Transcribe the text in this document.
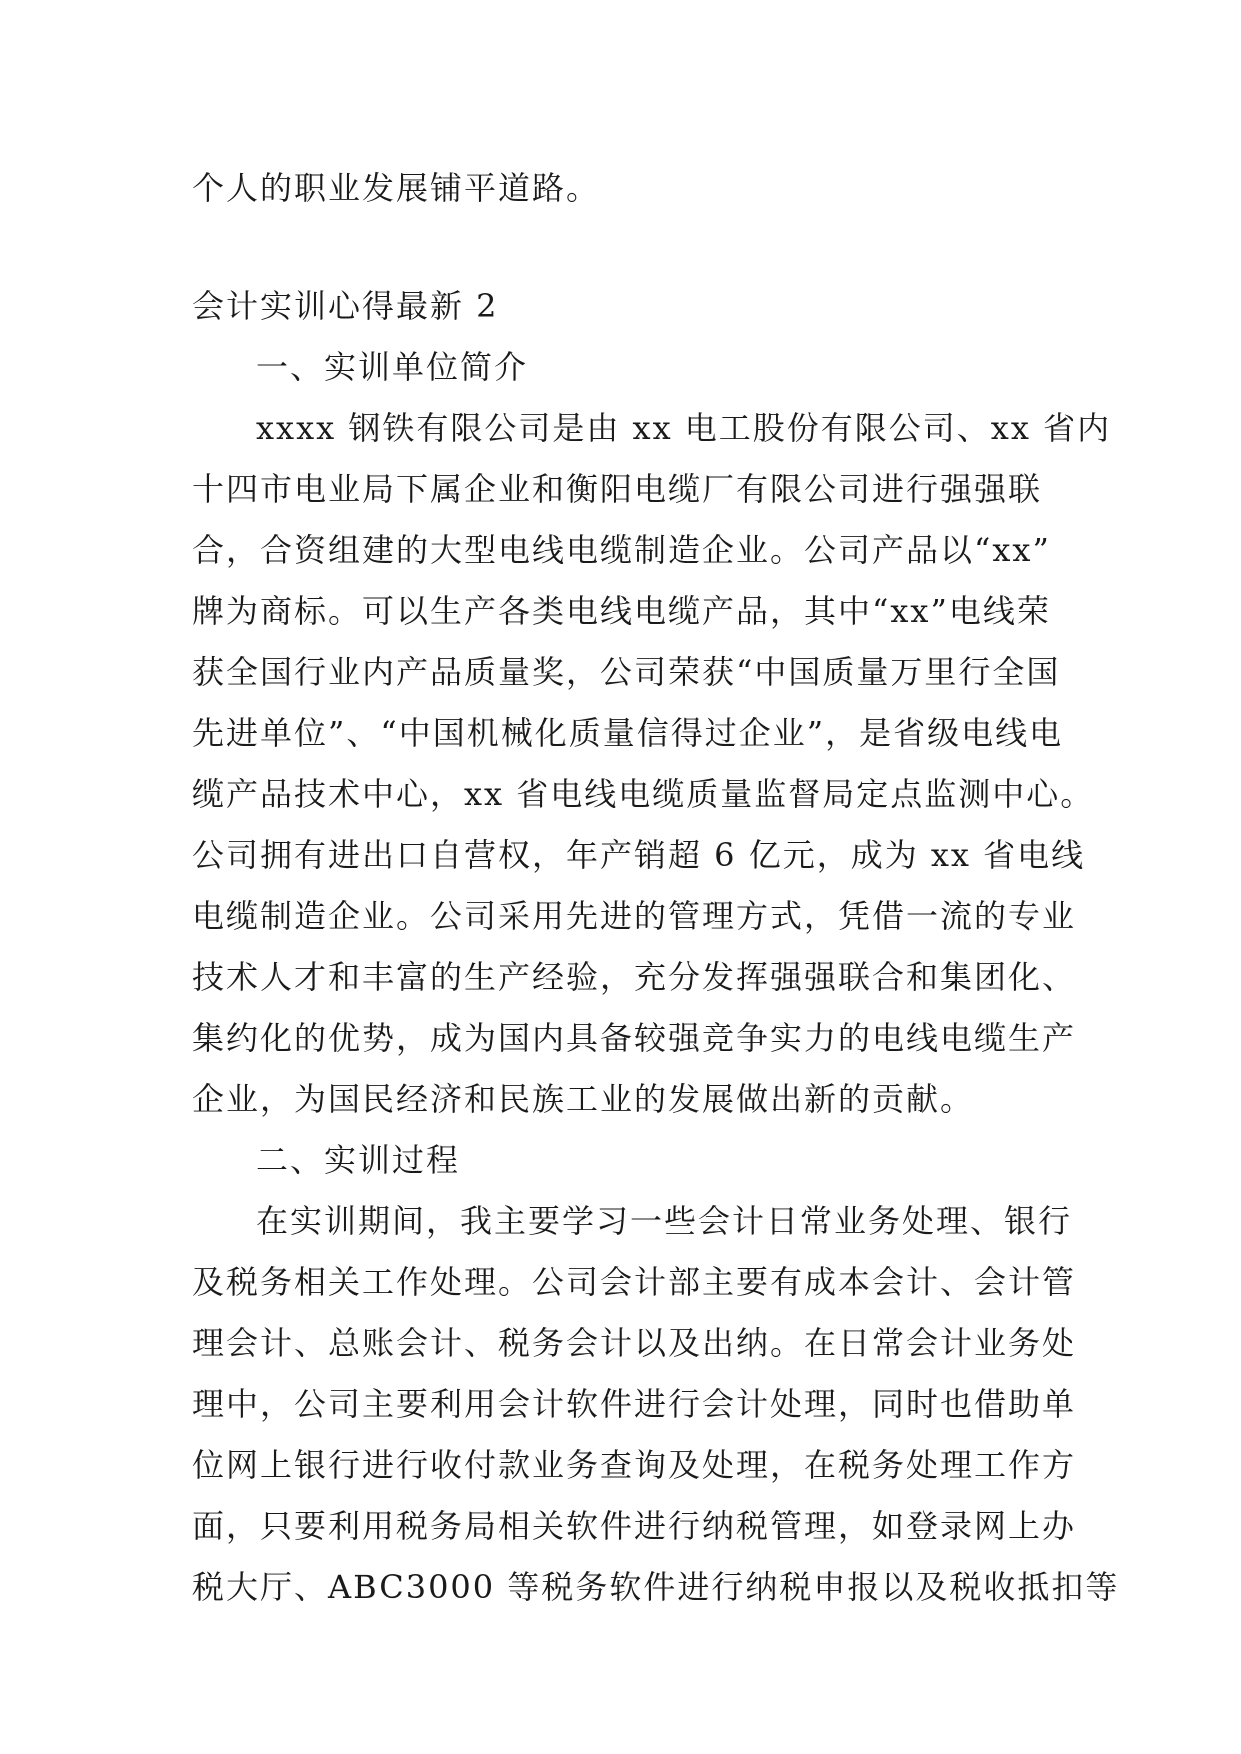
个人的职业发展铺平道路。
会计实训心得最新 2
一、实训单位简介
xxxx 钢铁有限公司是由 xx 电工股份有限公司、xx 省内
十四市电业局下属企业和衡阳电缆厂有限公司进行强强联
合，合资组建的大型电线电缆制造企业。公司产品以“xx”
牌为商标。可以生产各类电线电缆产品，其中“xx”电线荣
获全国行业内产品质量奖，公司荣获“中国质量万里行全国
先进单位”、“中国机械化质量信得过企业”，是省级电线电
缆产品技术中心，xx 省电线电缆质量监督局定点监测中心。
公司拥有进出口自营权，年产销超 6 亿元，成为 xx 省电线
电缆制造企业。公司采用先进的管理方式，凭借一流的专业
技术人才和丰富的生产经验，充分发挥强强联合和集团化、
集约化的优势，成为国内具备较强竞争实力的电线电缆生产
企业，为国民经济和民族工业的发展做出新的贡献。
二、实训过程
在实训期间，我主要学习一些会计日常业务处理、银行
及税务相关工作处理。公司会计部主要有成本会计、会计管
理会计、总账会计、税务会计以及出纳。在日常会计业务处
理中，公司主要利用会计软件进行会计处理，同时也借助单
位网上银行进行收付款业务查询及处理，在税务处理工作方
面，只要利用税务局相关软件进行纳税管理，如登录网上办
税大厅、ABC3000 等税务软件进行纳税申报以及税收抵扣等
